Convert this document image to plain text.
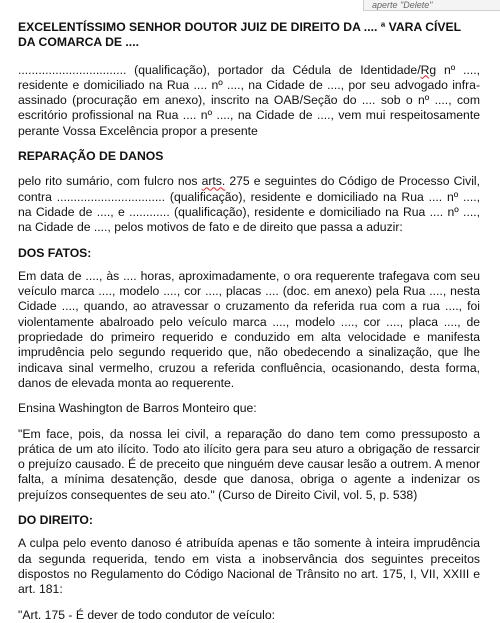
aperte "Delete"

EXCELENTÍSSIMO SENHOR DOUTOR JUIZ DE DIREITO DA .... ª VARA CÍVEL

DA COMARCA DE ....

................................ (qualificação), portador da Cédula de Identidade/Rg nº ...., residente e domiciliado na Rua .... nº ...., na Cidade de ...., por seu advogado infra-assinado (procuração em anexo), inscrito na OAB/Seção do .... sob o nº ...., com escritório profissional na Rua .... nº ...., na Cidade de ...., vem mui respeitosamente perante Vossa Excelência propor a presente

REPARAÇÃO DE DANOS

pelo rito sumário, com fulcro nos arts. 275 e seguintes do Código de Processo Civil, contra ................................ (qualificação), residente e domiciliado na Rua .... nº ...., na Cidade de ...., e ............ (qualificação), residente e domiciliado na Rua .... nº ...., na Cidade de ...., pelos motivos de fato e de direito que passa a aduzir:

DOS FATOS:

Em data de ...., às .... horas, aproximadamente, o ora requerente trafegava com seu veículo marca ...., modelo ...., cor ...., placas .... (doc. em anexo) pela Rua ...., nesta Cidade ...., quando, ao atravessar o cruzamento da referida rua com a rua ...., foi violentamente abalroado pelo veículo marca ...., modelo ...., cor ...., placa ...., de propriedade do primeiro requerido e conduzido em alta velocidade e manifesta imprudência pelo segundo requerido que, não obedecendo a sinalização, que lhe indicava sinal vermelho, cruzou a referida confluência, ocasionando, desta forma, danos de elevada monta ao requerente.

Ensina Washington de Barros Monteiro que:

"Em face, pois, da nossa lei civil, a reparação do dano tem como pressuposto a prática de um ato ilícito. Todo ato ilícito gera para seu aturo a obrigação de ressarcir o prejuízo causado. É de preceito que ninguém deve causar lesão a outrem. A menor falta, a mínima desatenção, desde que danosa, obriga o agente a indenizar os prejuízos consequentes de seu ato." (Curso de Direito Civil, vol. 5, p. 538)

DO DIREITO:

A culpa pelo evento danoso é atribuída apenas e tão somente à inteira imprudência da segunda requerida, tendo em vista a inobservância dos seguintes preceitos dispostos no Regulamento do Código Nacional de Trânsito no art. 175, I, VII, XXIII e art. 181:

"Art. 175 - É dever de todo condutor de veículo:
